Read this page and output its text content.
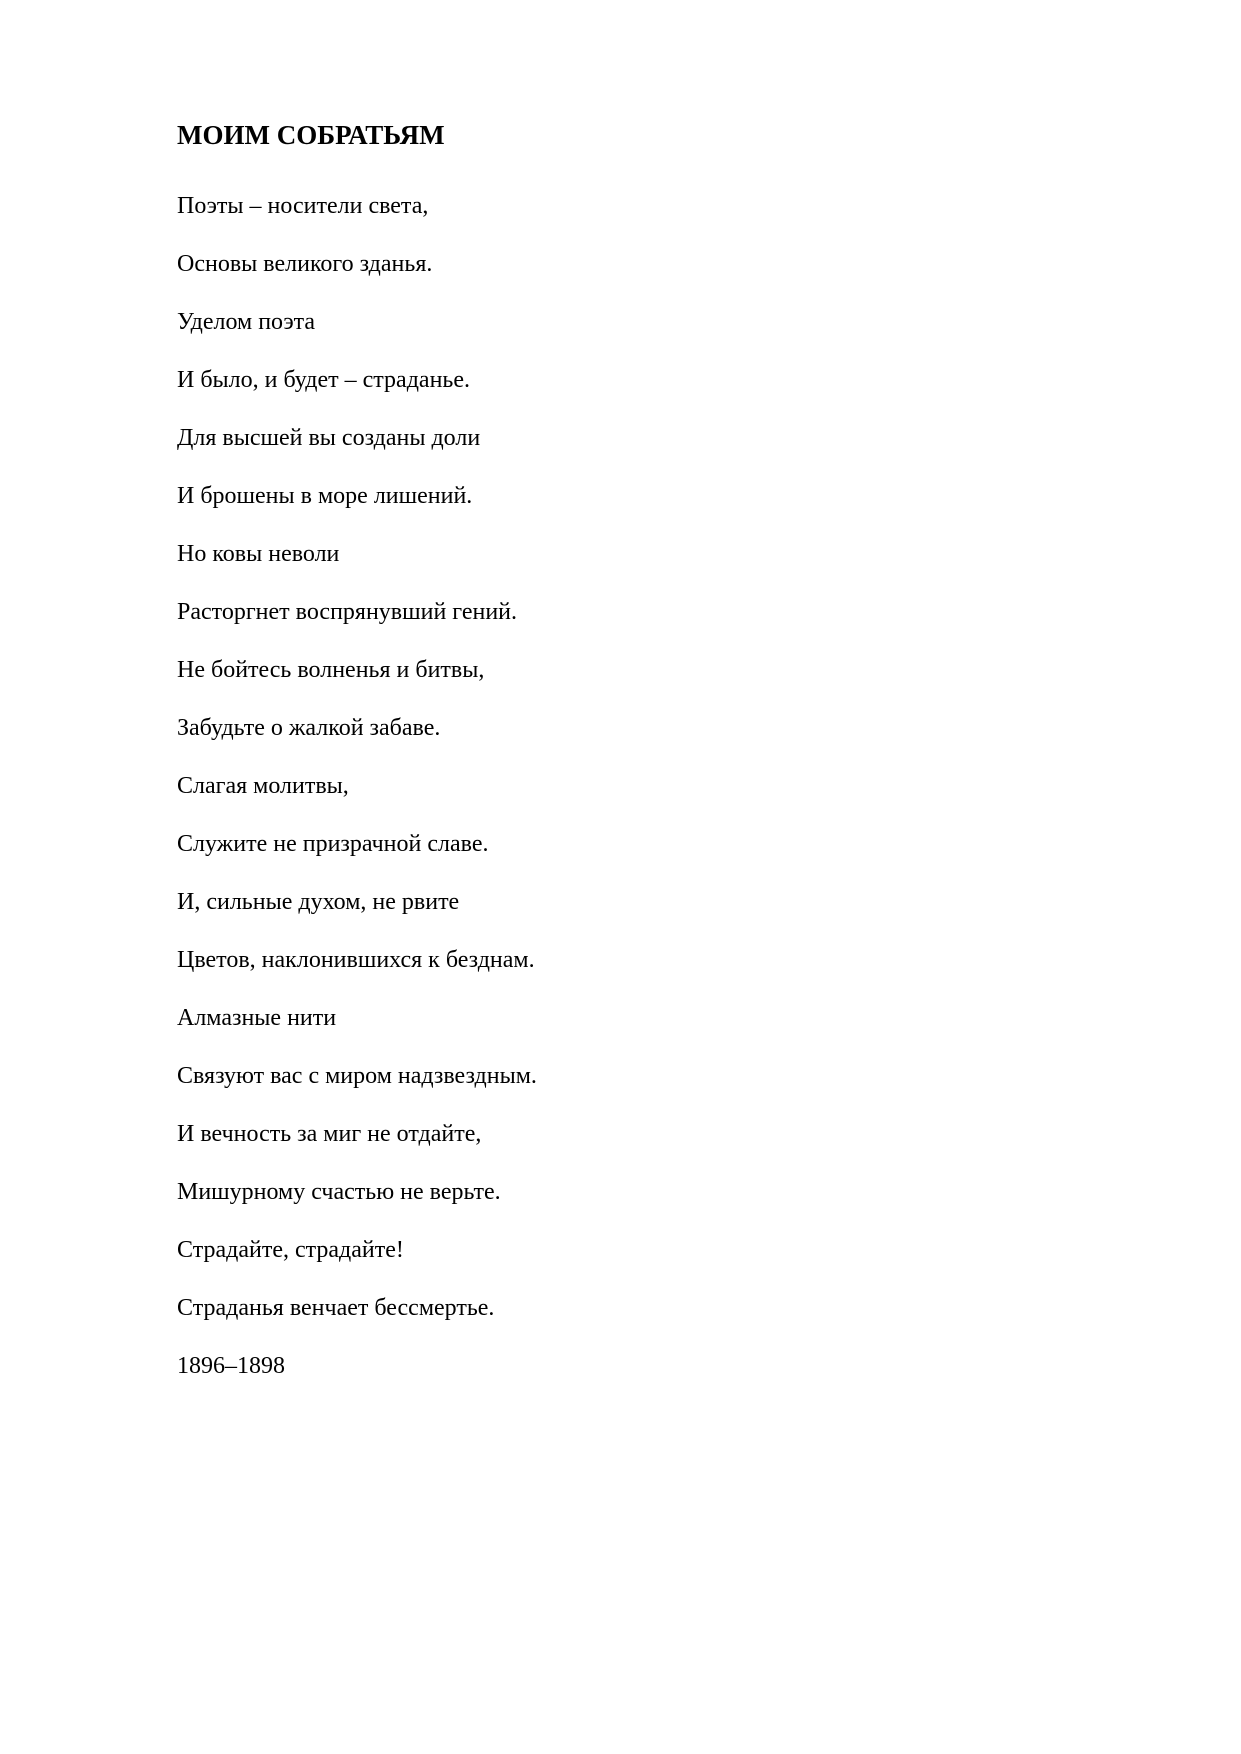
МОИМ СОБРАТЬЯМ
Поэты – носители света,
Основы великого зданья.
Уделом поэта
И было, и будет – страданье.
Для высшей вы созданы доли
И брошены в море лишений.
Но ковы неволи
Расторгнет воспрянувший гений.
Не бойтесь волненья и битвы,
Забудьте о жалкой забаве.
Слагая молитвы,
Служите не призрачной славе.
И, сильные духом, не рвите
Цветов, наклонившихся к безднам.
Алмазные нити
Связуют вас с миром надзвездным.
И вечность за миг не отдайте,
Мишурному счастью не верьте.
Страдайте, страдайте!
Страданья венчает бессмертье.
1896–1898
